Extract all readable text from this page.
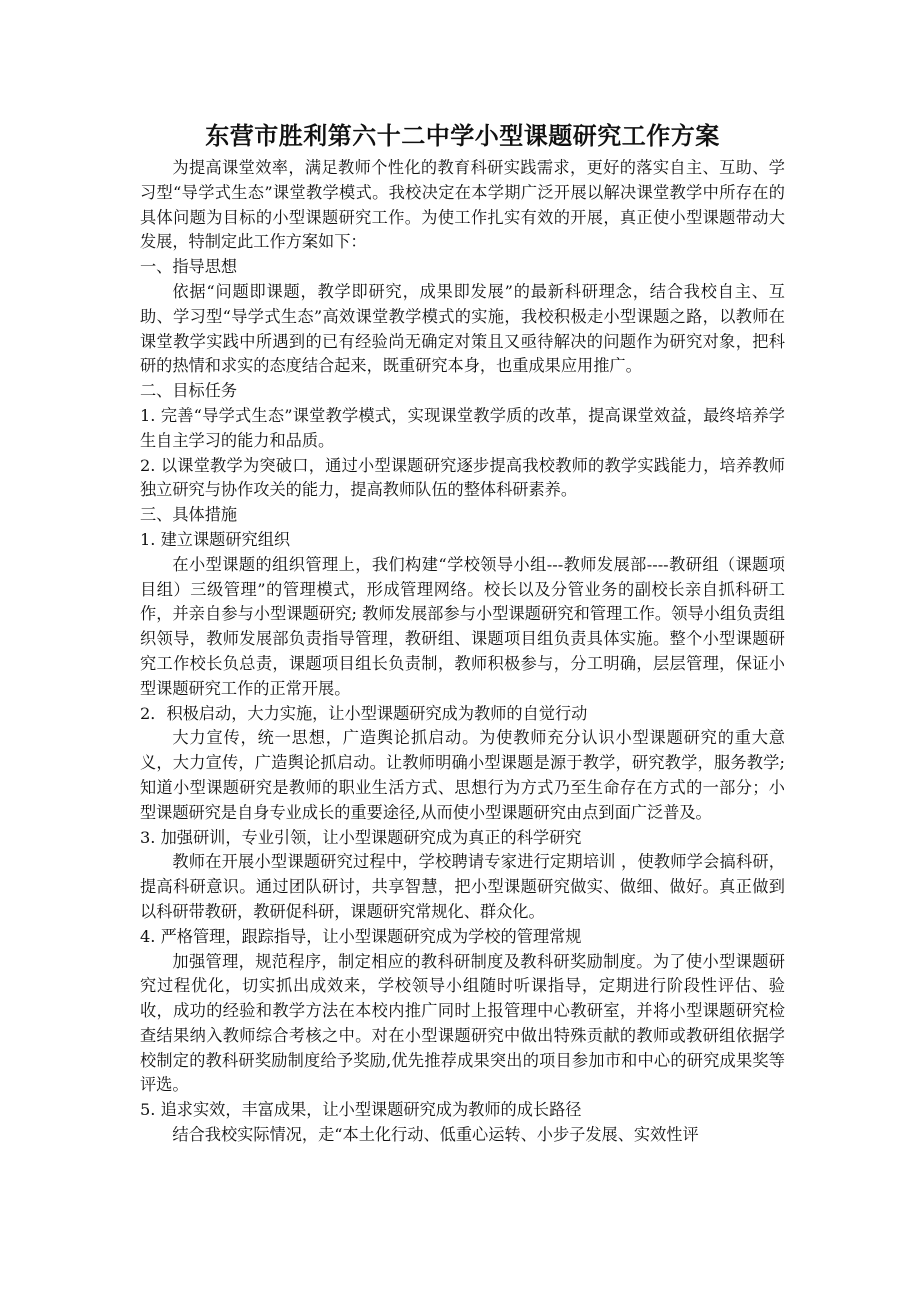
东营市胜利第六十二中学小型课题研究工作方案

为提高课堂效率，满足教师个性化的教育科研实践需求，更好的落实自主、互助、学习型“导学式生态”课堂教学模式。我校决定在本学期广泛开展以解决课堂教学中所存在的具体问题为目标的小型课题研究工作。为使工作扎实有效的开展，真正使小型课题带动大发展，特制定此工作方案如下：

一、指导思想

依据“问题即课题，教学即研究，成果即发展”的最新科研理念，结合我校自主、互助、学习型“导学式生态”高效课堂教学模式的实施，我校积极走小型课题之路，以教师在课堂教学实践中所遇到的已有经验尚无确定对策且又亟待解决的问题作为研究对象，把科研的热情和求实的态度结合起来，既重研究本身，也重成果应用推广。

二、目标任务

1. 完善“导学式生态”课堂教学模式，实现课堂教学质的改革，提高课堂效益，最终培养学生自主学习的能力和品质。

2. 以课堂教学为突破口，通过小型课题研究逐步提高我校教师的教学实践能力，培养教师独立研究与协作攻关的能力，提高教师队伍的整体科研素养。

三、具体措施

1. 建立课题研究组织

在小型课题的组织管理上，我们构建“学校领导小组---教师发展部----教研组（课题项目组）三级管理”的管理模式，形成管理网络。校长以及分管业务的副校长亲自抓科研工作，并亲自参与小型课题研究; 教师发展部参与小型课题研究和管理工作。领导小组负责组织领导，教师发展部负责指导管理，教研组、课题项目组负责具体实施。整个小型课题研究工作校长负总责，课题项目组长负责制，教师积极参与，分工明确，层层管理，保证小型课题研究工作的正常开展。

2．积极启动，大力实施，让小型课题研究成为教师的自觉行动

大力宣传，统一思想，广造舆论抓启动。为使教师充分认识小型课题研究的重大意义，大力宣传，广造舆论抓启动。让教师明确小型课题是源于教学，研究教学，服务教学; 知道小型课题研究是教师的职业生活方式、思想行为方式乃至生命存在方式的一部分；小型课题研究是自身专业成长的重要途径,从而使小型课题研究由点到面广泛普及。

3. 加强研训，专业引领，让小型课题研究成为真正的科学研究

教师在开展小型课题研究过程中，学校聘请专家进行定期培训 ，使教师学会搞科研，提高科研意识。通过团队研讨，共享智慧，把小型课题研究做实、做细、做好。真正做到以科研带教研，教研促科研，课题研究常规化、群众化。

4. 严格管理，跟踪指导，让小型课题研究成为学校的管理常规

加强管理，规范程序，制定相应的教科研制度及教科研奖励制度。为了使小型课题研究过程优化，切实抓出成效来，学校领导小组随时听课指导，定期进行阶段性评估、验收，成功的经验和教学方法在本校内推广同时上报管理中心教研室，并将小型课题研究检查结果纳入教师综合考核之中。对在小型课题研究中做出特殊贡献的教师或教研组依据学校制定的教科研奖励制度给予奖励,优先推荐成果突出的项目参加市和中心的研究成果奖等评选。

5. 追求实效，丰富成果，让小型课题研究成为教师的成长路径

结合我校实际情况，走“本土化行动、低重心运转、小步子发展、实效性评
